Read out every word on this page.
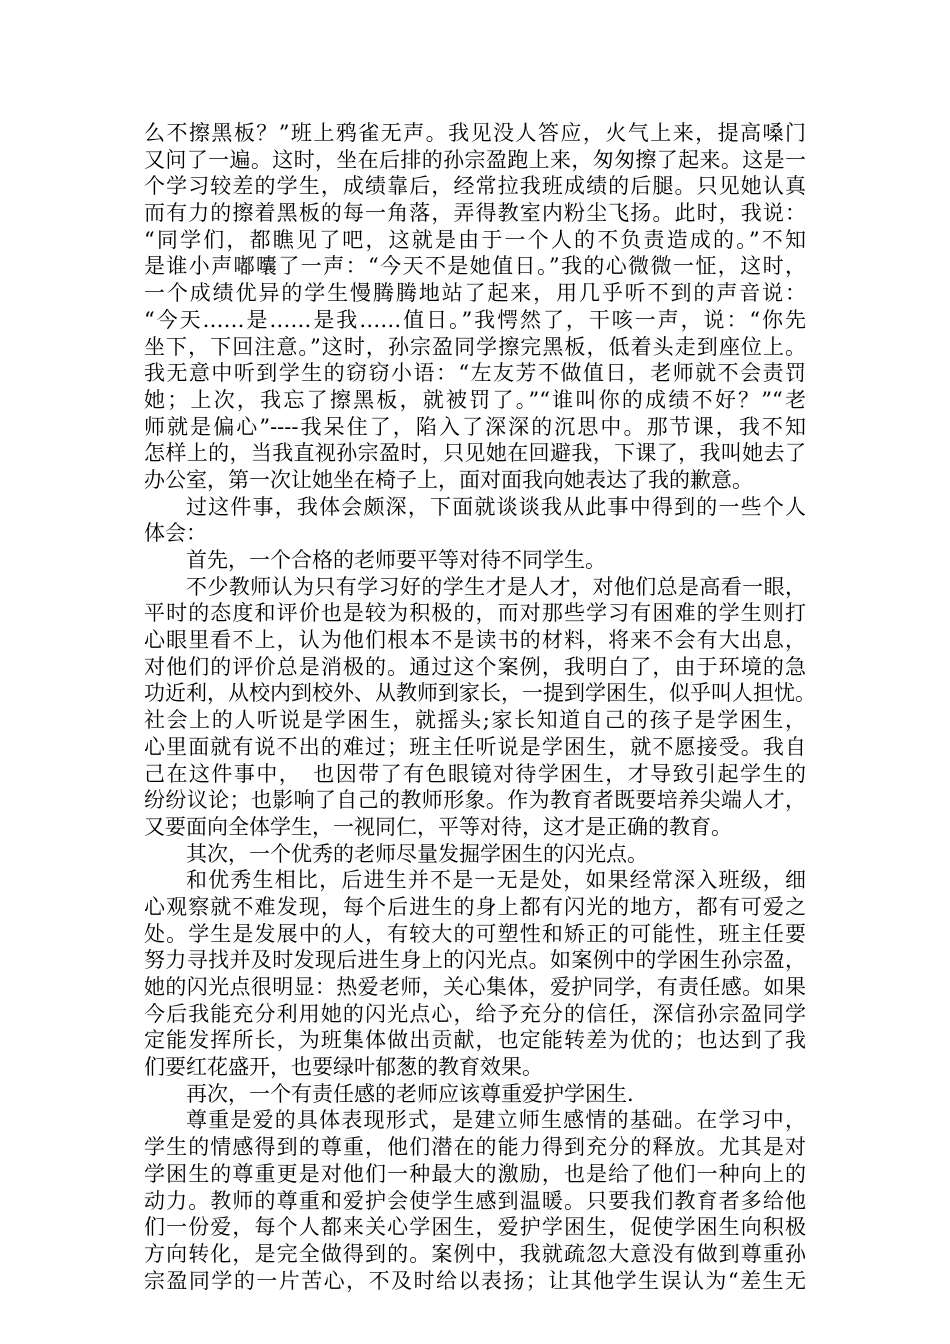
么不擦黑板？”班上鸦雀无声。我见没人答应，火气上来，提高嗓门
又问了一遍。这时，坐在后排的孙宗盈跑上来，匆匆擦了起来。这是一
个学习较差的学生，成绩靠后，经常拉我班成绩的后腿。只见她认真
而有力的擦着黑板的每一角落，弄得教室内粉尘飞扬。此时，我说：
“同学们，都瞧见了吧，这就是由于一个人的不负责造成的。”不知
是谁小声嘟囔了一声：“今天不是她值日。”我的心微微一怔，这时，
一个成绩优异的学生慢腾腾地站了起来，用几乎听不到的声音说：
“今天……是……是我……值日。”我愕然了，干咳一声，说：“你先
坐下，下回注意。”这时，孙宗盈同学擦完黑板，低着头走到座位上。
我无意中听到学生的窃窃小语：“左友芳不做值日，老师就不会责罚
她；上次，我忘了擦黑板，就被罚了。”“谁叫你的成绩不好？”“老
师就是偏心”----我呆住了，陷入了深深的沉思中。那节课，我不知
怎样上的，当我直视孙宗盈时，只见她在回避我，下课了，我叫她去了
办公室，第一次让她坐在椅子上，面对面我向她表达了我的歉意。
过这件事，我体会颇深，下面就谈谈我从此事中得到的一些个人
体会：
首先，一个合格的老师要平等对待不同学生。
不少教师认为只有学习好的学生才是人才，对他们总是高看一眼，
平时的态度和评价也是较为积极的，而对那些学习有困难的学生则打
心眼里看不上，认为他们根本不是读书的材料，将来不会有大出息，
对他们的评价总是消极的。通过这个案例，我明白了，由于环境的急
功近利，从校内到校外、从教师到家长，一提到学困生，似乎叫人担忧。
社会上的人听说是学困生，就摇头;家长知道自己的孩子是学困生，
心里面就有说不出的难过；班主任听说是学困生，就不愿接受。我自
己在这件事中，　也因带了有色眼镜对待学困生，才导致引起学生的
纷纷议论；也影响了自己的教师形象。作为教育者既要培养尖端人才，
又要面向全体学生，一视同仁，平等对待，这才是正确的教育。
其次，一个优秀的老师尽量发掘学困生的闪光点。
和优秀生相比，后进生并不是一无是处，如果经常深入班级，细
心观察就不难发现，每个后进生的身上都有闪光的地方，都有可爱之
处。学生是发展中的人，有较大的可塑性和矫正的可能性，班主任要
努力寻找并及时发现后进生身上的闪光点。如案例中的学困生孙宗盈，
她的闪光点很明显：热爱老师，关心集体，爱护同学，有责任感。如果
今后我能充分利用她的闪光点心，给予充分的信任，深信孙宗盈同学
定能发挥所长，为班集体做出贡献，也定能转差为优的；也达到了我
们要红花盛开，也要绿叶郁葱的教育效果。
再次，一个有责任感的老师应该尊重爱护学困生.
尊重是爱的具体表现形式，是建立师生感情的基础。在学习中，
学生的情感得到的尊重，他们潜在的能力得到充分的释放。尤其是对
学困生的尊重更是对他们一种最大的激励，也是给了他们一种向上的
动力。教师的尊重和爱护会使学生感到温暖。只要我们教育者多给他
们一份爱，每个人都来关心学困生，爱护学困生，促使学困生向积极
方向转化，是完全做得到的。案例中，我就疏忽大意没有做到尊重孙
宗盈同学的一片苦心，不及时给以表扬；让其他学生误认为“差生无
